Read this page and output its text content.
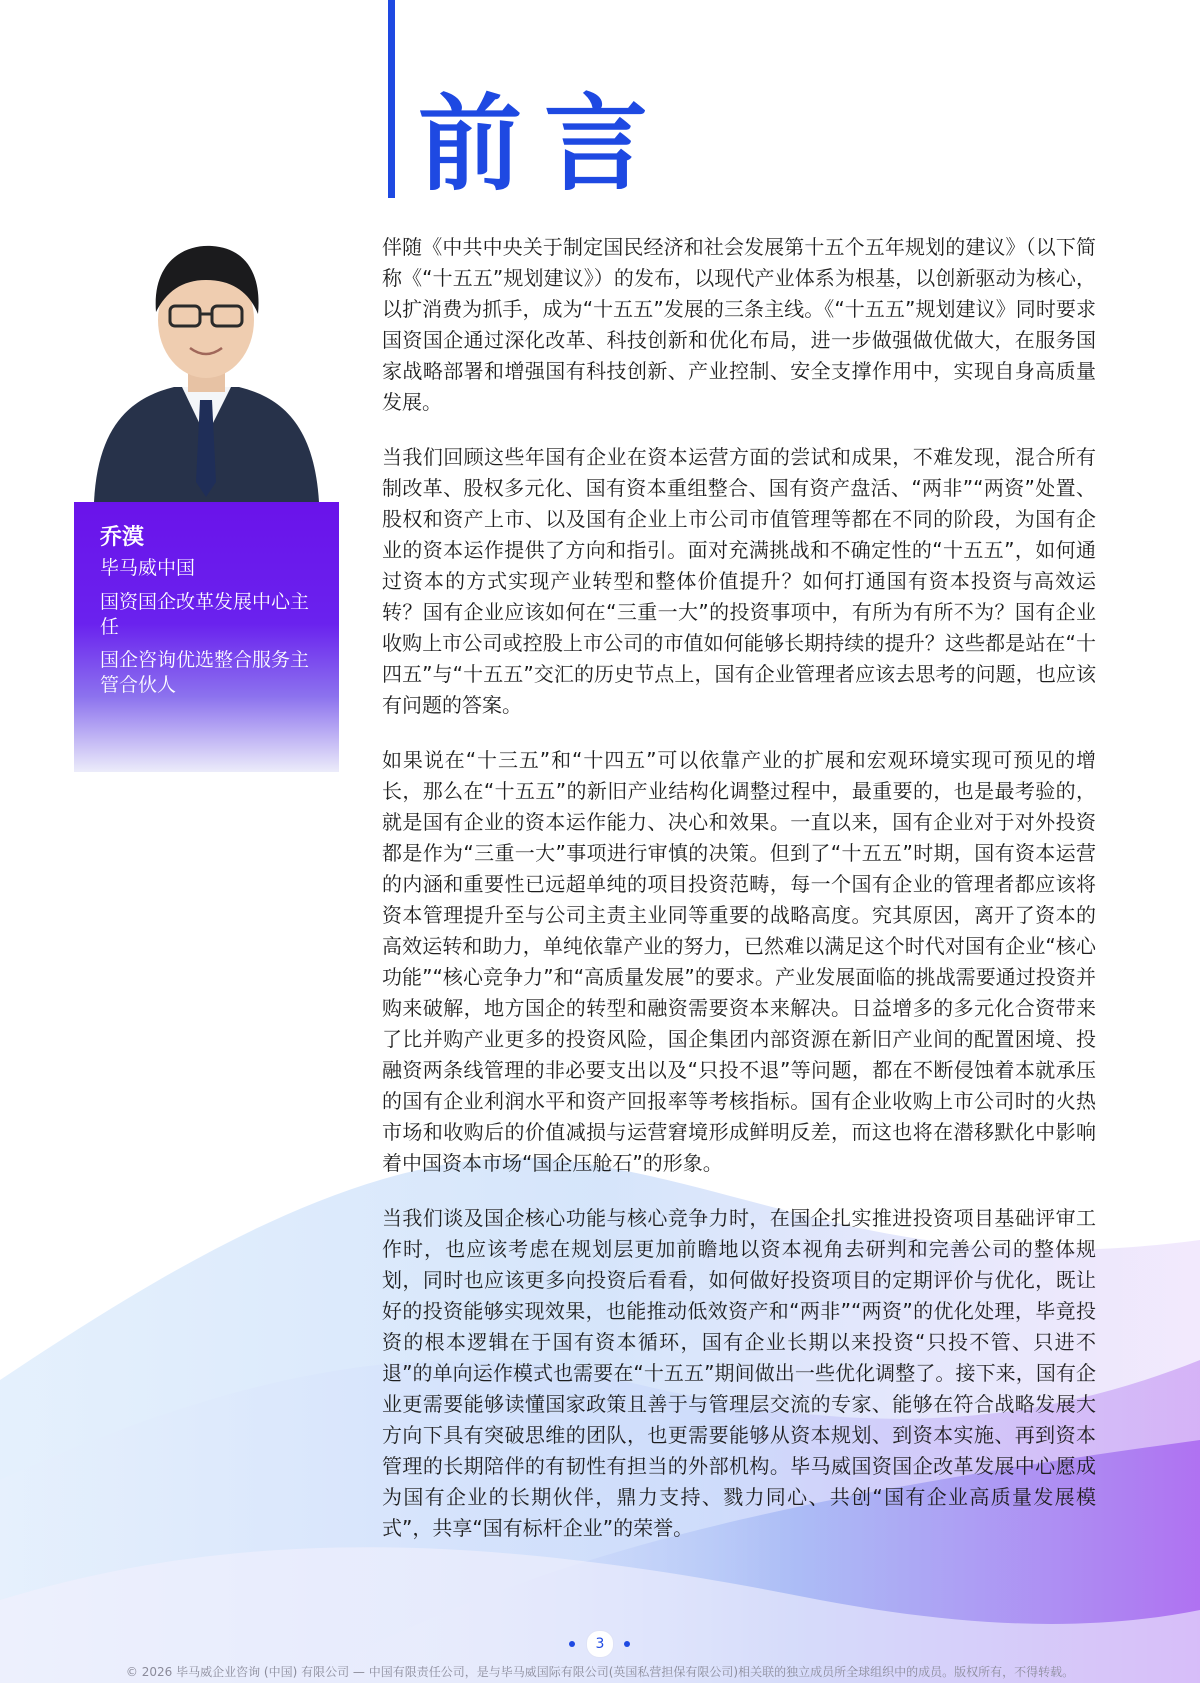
前言
乔漠
毕马威中国
国资国企改革发展中心主任
国企咨询优选整合服务主管合伙人

伴随《中共中央关于制定国民经济和社会发展第十五个五年规划的建议》（以下简称《“十五五”规划建议》）的发布，以现代产业体系为根基，以创新驱动为核心，以扩消费为抓手，成为“十五五”发展的三条主线。《“十五五”规划建议》同时要求国资国企通过深化改革、科技创新和优化布局，进一步做强做优做大，在服务国家战略部署和增强国有科技创新、产业控制、安全支撑作用中，实现自身高质量发展。

当我们回顾这些年国有企业在资本运营方面的尝试和成果，不难发现，混合所有制改革、股权多元化、国有资本重组整合、国有资产盘活、“两非”“两资”处置、股权和资产上市、以及国有企业上市公司市值管理等都在不同的阶段，为国有企业的资本运作提供了方向和指引。面对充满挑战和不确定性的“十五五”，如何通过资本的方式实现产业转型和整体价值提升？如何打通国有资本投资与高效运转？国有企业应该如何在“三重一大”的投资事项中，有所为有所不为？国有企业收购上市公司或控股上市公司的市值如何能够长期持续的提升？这些都是站在“十四五”与“十五五”交汇的历史节点上，国有企业管理者应该去思考的问题，也应该有问题的答案。

如果说在“十三五”和“十四五”可以依靠产业的扩展和宏观环境实现可预见的增长，那么在“十五五”的新旧产业结构化调整过程中，最重要的，也是最考验的，就是国有企业的资本运作能力、决心和效果。一直以来，国有企业对于对外投资都是作为“三重一大”事项进行审慎的决策。但到了“十五五”时期，国有资本运营的内涵和重要性已远超单纯的项目投资范畴，每一个国有企业的管理者都应该将资本管理提升至与公司主责主业同等重要的战略高度。究其原因，离开了资本的高效运转和助力，单纯依靠产业的努力，已然难以满足这个时代对国有企业“核心功能”“核心竞争力”和“高质量发展”的要求。产业发展面临的挑战需要通过投资并购来破解，地方国企的转型和融资需要资本来解决。日益增多的多元化合资带来了比并购产业更多的投资风险，国企集团内部资源在新旧产业间的配置困境、投融资两条线管理的非必要支出以及“只投不退”等问题，都在不断侵蚀着本就承压的国有企业利润水平和资产回报率等考核指标。国有企业收购上市公司时的火热市场和收购后的价值减损与运营窘境形成鲜明反差，而这也将在潜移默化中影响着中国资本市场“国企压舱石”的形象。

当我们谈及国企核心功能与核心竞争力时，在国企扎实推进投资项目基础评审工作时，也应该考虑在规划层更加前瞻地以资本视角去研判和完善公司的整体规划，同时也应该更多向投资后看看，如何做好投资项目的定期评价与优化，既让好的投资能够实现效果，也能推动低效资产和“两非”“两资”的优化处理，毕竟投资的根本逻辑在于国有资本循环，国有企业长期以来投资“只投不管、只进不退”的单向运作模式也需要在“十五五”期间做出一些优化调整了。接下来，国有企业更需要能够读懂国家政策且善于与管理层交流的专家、能够在符合战略发展大方向下具有突破思维的团队，也更需要能够从资本规划、到资本实施、再到资本管理的长期陪伴的有韧性有担当的外部机构。毕马威国资国企改革发展中心愿成为国有企业的长期伙伴，鼎力支持、戮力同心、共创“国有企业高质量发展模式”，共享“国有标杆企业”的荣誉。

3
© 2026 毕马威企业咨询 (中国) 有限公司 — 中国有限责任公司，是与毕马威国际有限公司(英国私营担保有限公司)相关联的独立成员所全球组织中的成员。版权所有，不得转载。
